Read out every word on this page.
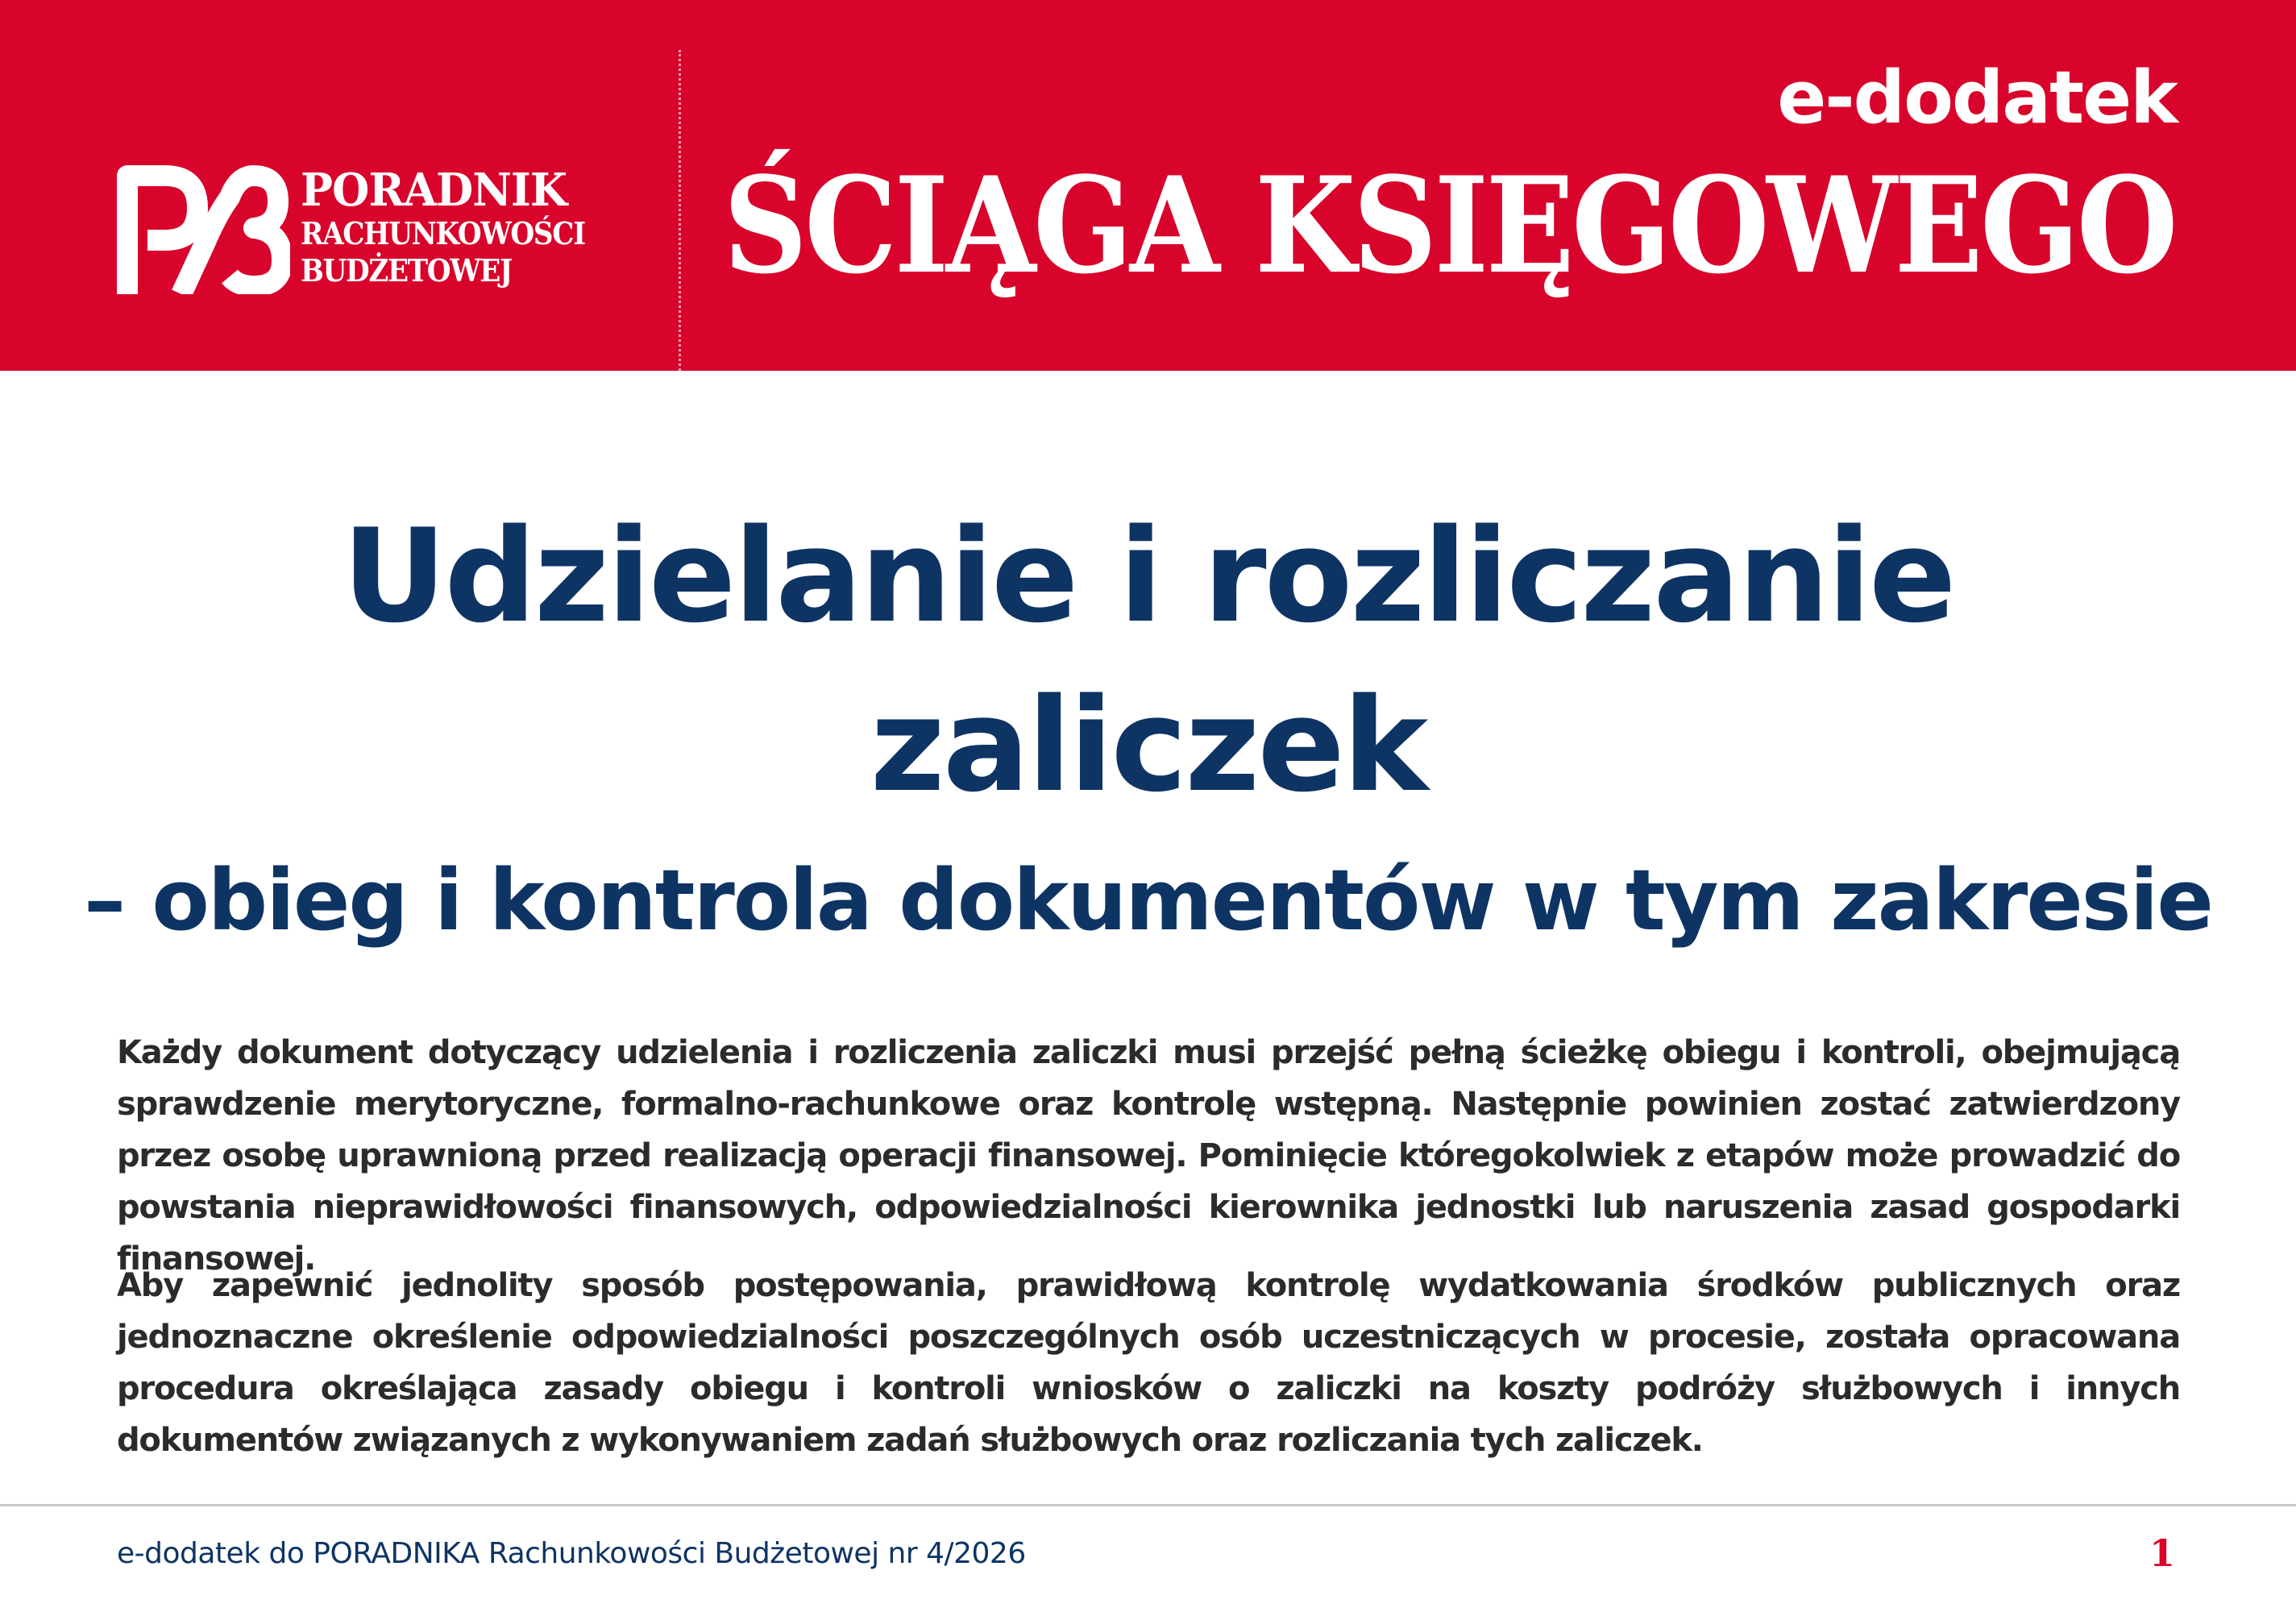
PORADNIK
RACHUNKOWOŚCI
BUDŻETOWEJ
e-dodatek
ŚCIĄGA KSIĘGOWEGO
Udzielanie i rozliczanie
zaliczek
– obieg i kontrola dokumentów w tym zakresie
Każdy dokument dotyczący udzielenia i rozliczenia zaliczki musi przejść pełną ścieżkę obiegu i kontroli, obejmującą sprawdzenie merytoryczne, formalno-rachunkowe oraz kontrolę wstępną. Następnie powinien zostać zatwierdzony przez osobę uprawnioną przed realizacją operacji finansowej. Pominięcie któregokolwiek z etapów może prowadzić do powstania nieprawidłowości finansowych, odpowiedzialności kierownika jednostki lub naruszenia zasad gospodarki finansowej.
Aby zapewnić jednolity sposób postępowania, prawidłową kontrolę wydatkowania środków publicznych oraz jednoznaczne określenie odpowiedzialności poszczególnych osób uczestniczących w procesie, została opracowana procedura określająca zasady obiegu i kontroli wniosków o zaliczki na koszty podróży służbowych i innych dokumentów związanych z wykonywaniem zadań służbowych oraz rozliczania tych zaliczek.
e-dodatek do PORADNIKA Rachunkowości Budżetowej nr 4/2026	1
